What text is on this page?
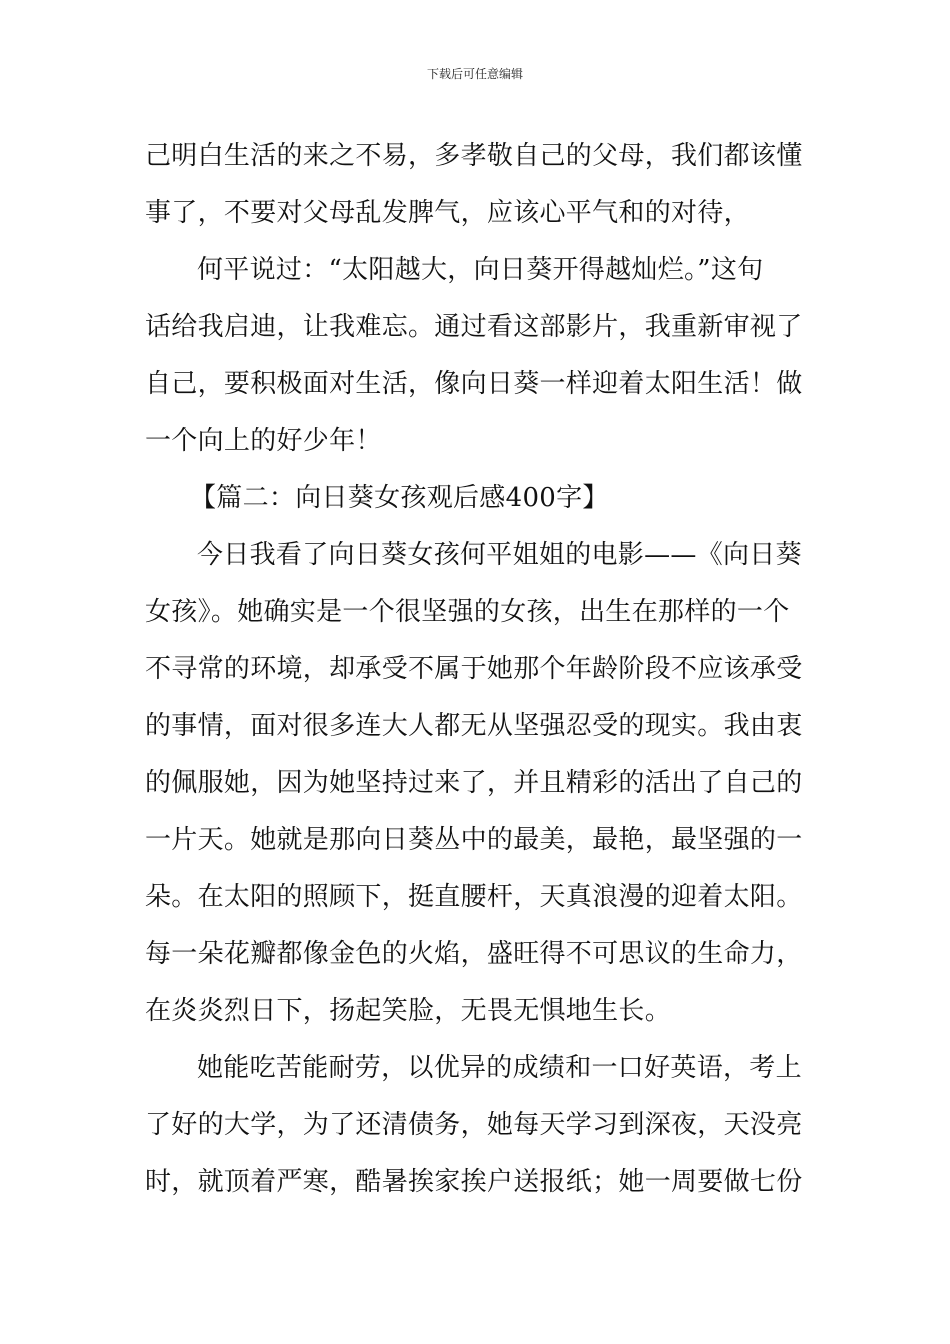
下载后可任意编辑
己明白生活的来之不易，多孝敬自己的父母，我们都该懂
事了，不要对父母乱发脾气，应该心平气和的对待，
何平说过：“太阳越大，向日葵开得越灿烂。”这句
话给我启迪，让我难忘。通过看这部影片，我重新审视了
自己，要积极面对生活，像向日葵一样迎着太阳生活！做
一个向上的好少年！
【篇二：向日葵女孩观后感400字】
今日我看了向日葵女孩何平姐姐的电影——《向日葵
女孩》。她确实是一个很坚强的女孩，出生在那样的一个
不寻常的环境，却承受不属于她那个年龄阶段不应该承受
的事情，面对很多连大人都无从坚强忍受的现实。我由衷
的佩服她，因为她坚持过来了，并且精彩的活出了自己的
一片天。她就是那向日葵丛中的最美，最艳，最坚强的一
朵。在太阳的照顾下，挺直腰杆，天真浪漫的迎着太阳。
每一朵花瓣都像金色的火焰，盛旺得不可思议的生命力，
在炎炎烈日下，扬起笑脸，无畏无惧地生长。
她能吃苦能耐劳，以优异的成绩和一口好英语，考上
了好的大学，为了还清债务，她每天学习到深夜，天没亮
时，就顶着严寒，酷暑挨家挨户送报纸；她一周要做七份
